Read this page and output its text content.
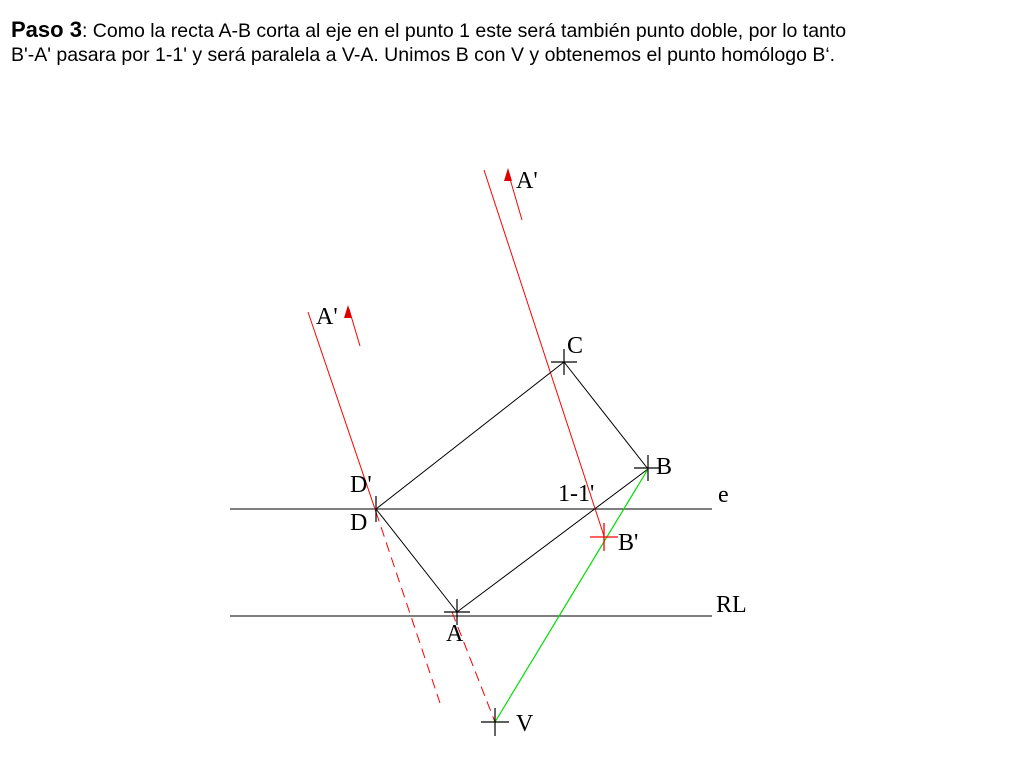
Paso 3: Como la recta A-B corta al eje en el punto 1 este será también punto doble, por lo tanto

B'-A' pasara por 1-1' y será paralela a V-A. Unimos B con V y obtenemos el punto homólogo B‘.

A'
A'
C
B
D'
D
1-1'
B'
e
RL
A
V
